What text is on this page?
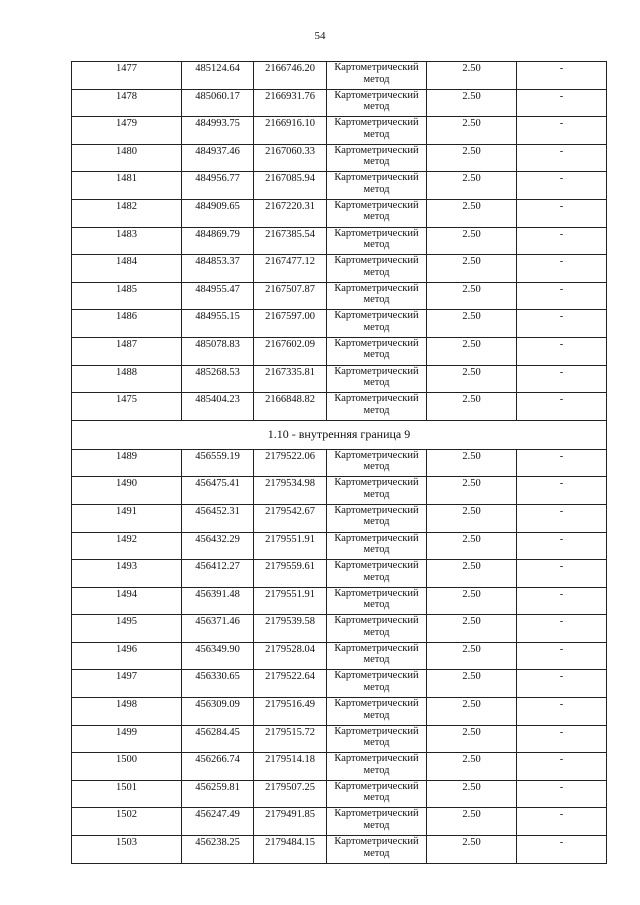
54
1477	485124.64	2166746.20	Картометрический метод	2.50	-
1478	485060.17	2166931.76	Картометрический метод	2.50	-
1479	484993.75	2166916.10	Картометрический метод	2.50	-
1480	484937.46	2167060.33	Картометрический метод	2.50	-
1481	484956.77	2167085.94	Картометрический метод	2.50	-
1482	484909.65	2167220.31	Картометрический метод	2.50	-
1483	484869.79	2167385.54	Картометрический метод	2.50	-
1484	484853.37	2167477.12	Картометрический метод	2.50	-
1485	484955.47	2167507.87	Картометрический метод	2.50	-
1486	484955.15	2167597.00	Картометрический метод	2.50	-
1487	485078.83	2167602.09	Картометрический метод	2.50	-
1488	485268.53	2167335.81	Картометрический метод	2.50	-
1475	485404.23	2166848.82	Картометрический метод	2.50	-
1.10 - внутренняя граница 9					
1489	456559.19	2179522.06	Картометрический метод	2.50	-
1490	456475.41	2179534.98	Картометрический метод	2.50	-
1491	456452.31	2179542.67	Картометрический метод	2.50	-
1492	456432.29	2179551.91	Картометрический метод	2.50	-
1493	456412.27	2179559.61	Картометрический метод	2.50	-
1494	456391.48	2179551.91	Картометрический метод	2.50	-
1495	456371.46	2179539.58	Картометрический метод	2.50	-
1496	456349.90	2179528.04	Картометрический метод	2.50	-
1497	456330.65	2179522.64	Картометрический метод	2.50	-
1498	456309.09	2179516.49	Картометрический метод	2.50	-
1499	456284.45	2179515.72	Картометрический метод	2.50	-
1500	456266.74	2179514.18	Картометрический метод	2.50	-
1501	456259.81	2179507.25	Картометрический метод	2.50	-
1502	456247.49	2179491.85	Картометрический метод	2.50	-
1503	456238.25	2179484.15	Картометрический метод	2.50	-
